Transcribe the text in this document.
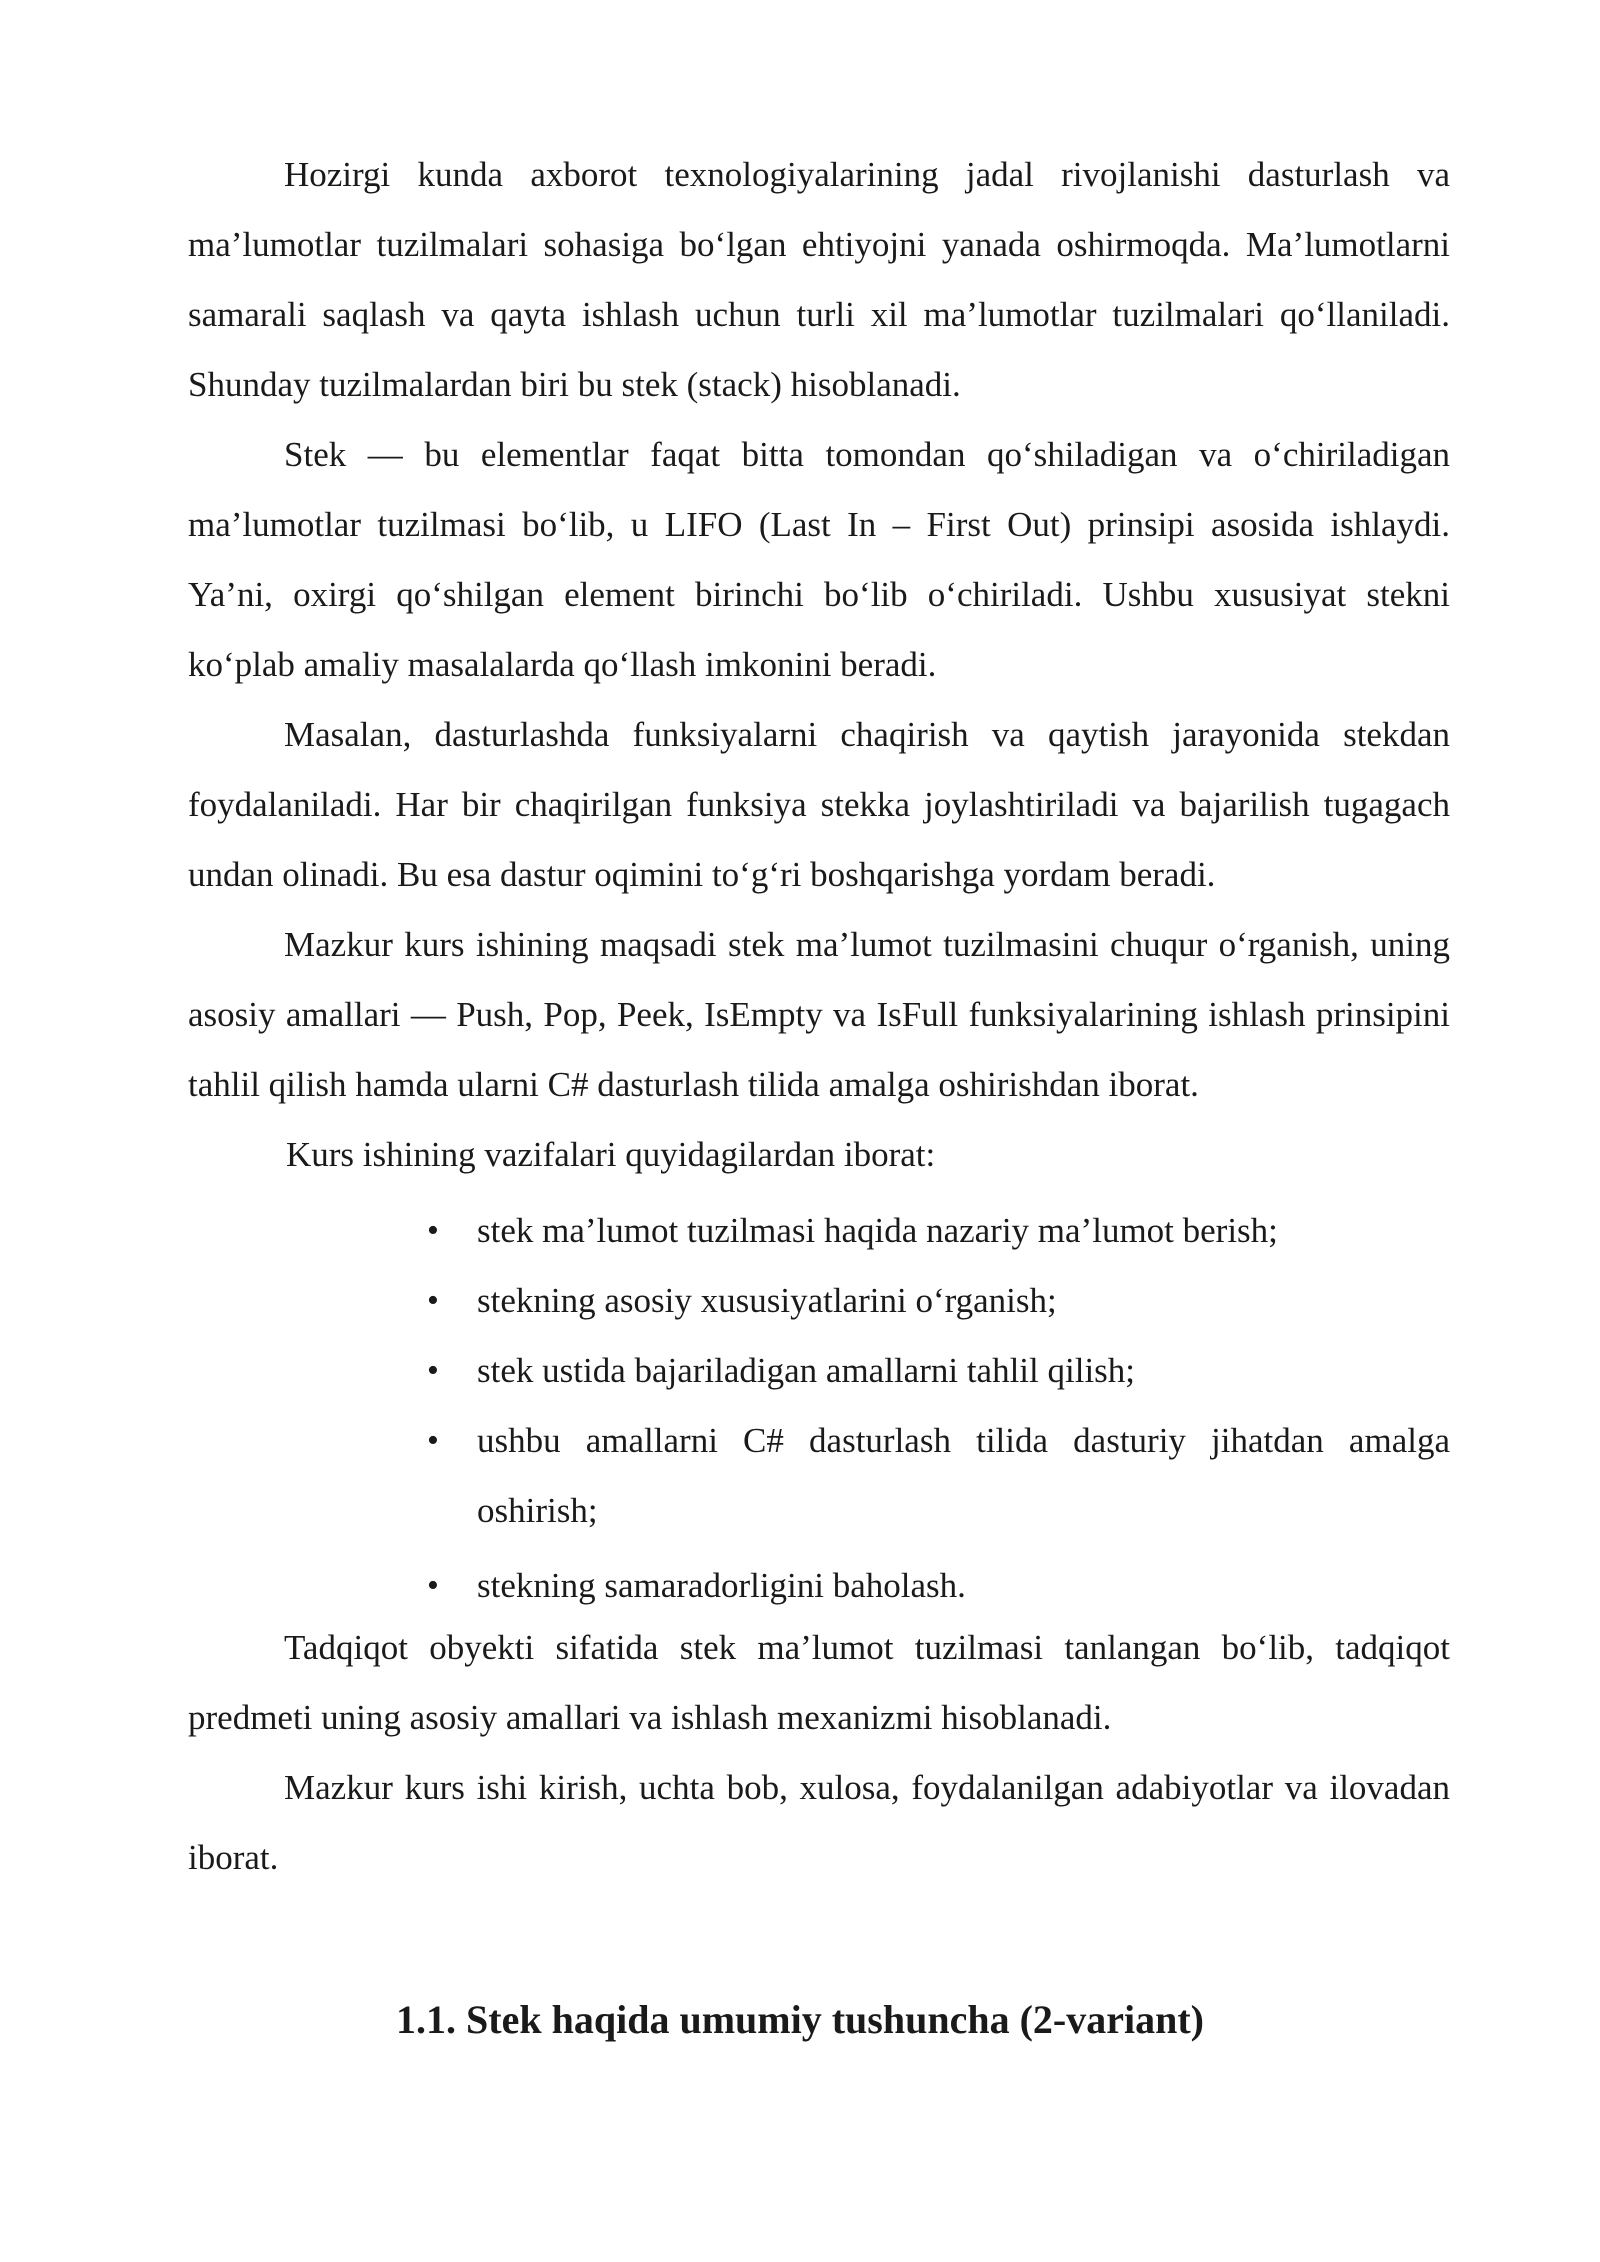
Hozirgi kunda axborot texnologiyalarining jadal rivojlanishi dasturlash va ma’lumotlar tuzilmalari sohasiga bo‘lgan ehtiyojni yanada oshirmoqda. Ma’lumotlarni samarali saqlash va qayta ishlash uchun turli xil ma’lumotlar tuzilmalari qo‘llaniladi. Shunday tuzilmalardan biri bu stek (stack) hisoblanadi.

Stek — bu elementlar faqat bitta tomondan qo‘shiladigan va o‘chiriladigan ma’lumotlar tuzilmasi bo‘lib, u LIFO (Last In – First Out) prinsipi asosida ishlaydi. Ya’ni, oxirgi qo‘shilgan element birinchi bo‘lib o‘chiriladi. Ushbu xususiyat stekni ko‘plab amaliy masalalarda qo‘llash imkonini beradi.

Masalan, dasturlashda funksiyalarni chaqirish va qaytish jarayonida stekdan foydalaniladi. Har bir chaqirilgan funksiya stekka joylashtiriladi va bajarilish tugagach undan olinadi. Bu esa dastur oqimini to‘g‘ri boshqarishga yordam beradi.

Mazkur kurs ishining maqsadi stek ma’lumot tuzilmasini chuqur o‘rganish, uning asosiy amallari — Push, Pop, Peek, IsEmpty va IsFull funksiyalarining ishlash prinsipini tahlil qilish hamda ularni C# dasturlash tilida amalga oshirishdan iborat.

Kurs ishining vazifalari quyidagilardan iborat:

• stek ma’lumot tuzilmasi haqida nazariy ma’lumot berish;
• stekning asosiy xususiyatlarini o‘rganish;
• stek ustida bajariladigan amallarni tahlil qilish;
• ushbu amallarni C# dasturlash tilida dasturiy jihatdan amalga oshirish;
• stekning samaradorligini baholash.

Tadqiqot obyekti sifatida stek ma’lumot tuzilmasi tanlangan bo‘lib, tadqiqot predmeti uning asosiy amallari va ishlash mexanizmi hisoblanadi.

Mazkur kurs ishi kirish, uchta bob, xulosa, foydalanilgan adabiyotlar va ilovadan iborat.

1.1. Stek haqida umumiy tushuncha (2-variant)
